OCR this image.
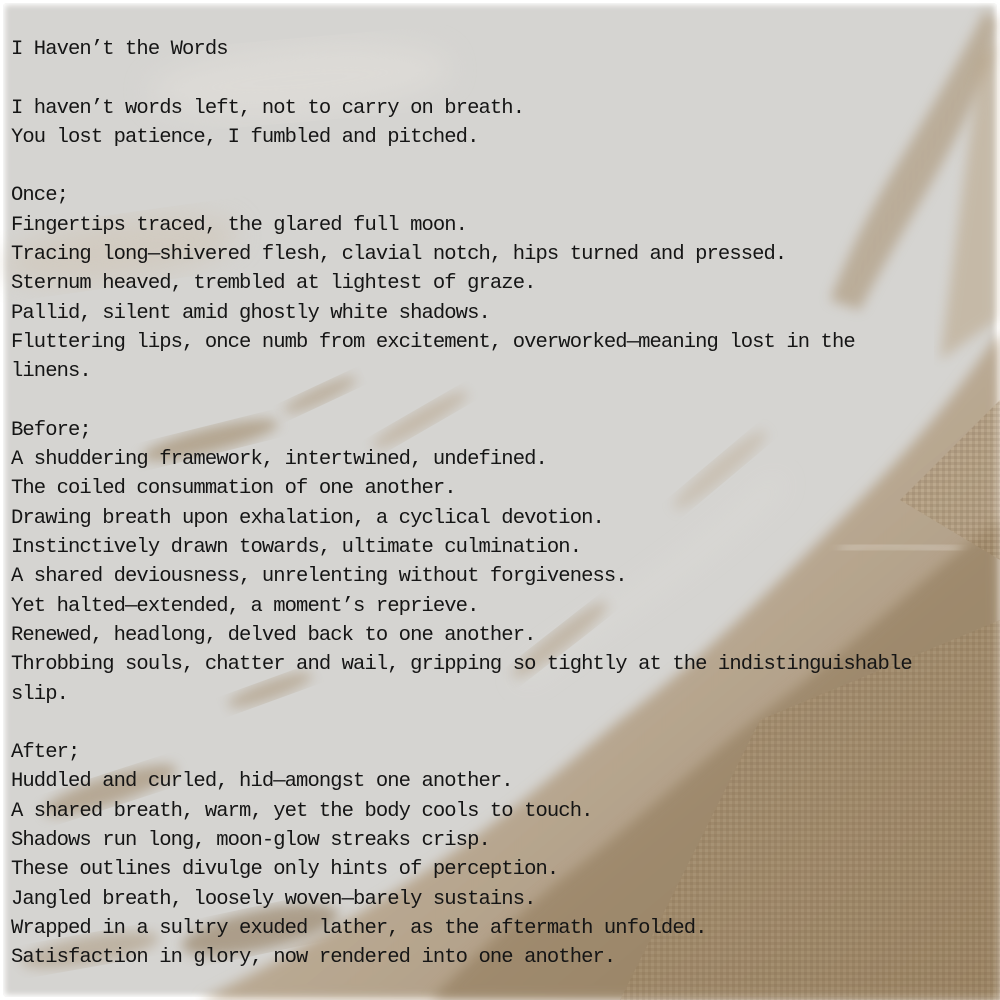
I Haven’t the Words
I haven’t words left, not to carry on breath.
You lost patience, I fumbled and pitched.
Once;
Fingertips traced, the glared full moon.
Tracing long—shivered flesh, clavial notch, hips turned and pressed.
Sternum heaved, trembled at lightest of graze.
Pallid, silent amid ghostly white shadows.
Fluttering lips, once numb from excitement, overworked—meaning lost in the
linens.
Before;
A shuddering framework, intertwined, undefined.
The coiled consummation of one another.
Drawing breath upon exhalation, a cyclical devotion.
Instinctively drawn towards, ultimate culmination.
A shared deviousness, unrelenting without forgiveness.
Yet halted—extended, a moment’s reprieve.
Renewed, headlong, delved back to one another.
Throbbing souls, chatter and wail, gripping so tightly at the indistinguishable
slip.
After;
Huddled and curled, hid—amongst one another.
A shared breath, warm, yet the body cools to touch.
Shadows run long, moon-glow streaks crisp.
These outlines divulge only hints of perception.
Jangled breath, loosely woven—barely sustains.
Wrapped in a sultry exuded lather, as the aftermath unfolded.
Satisfaction in glory, now rendered into one another.
